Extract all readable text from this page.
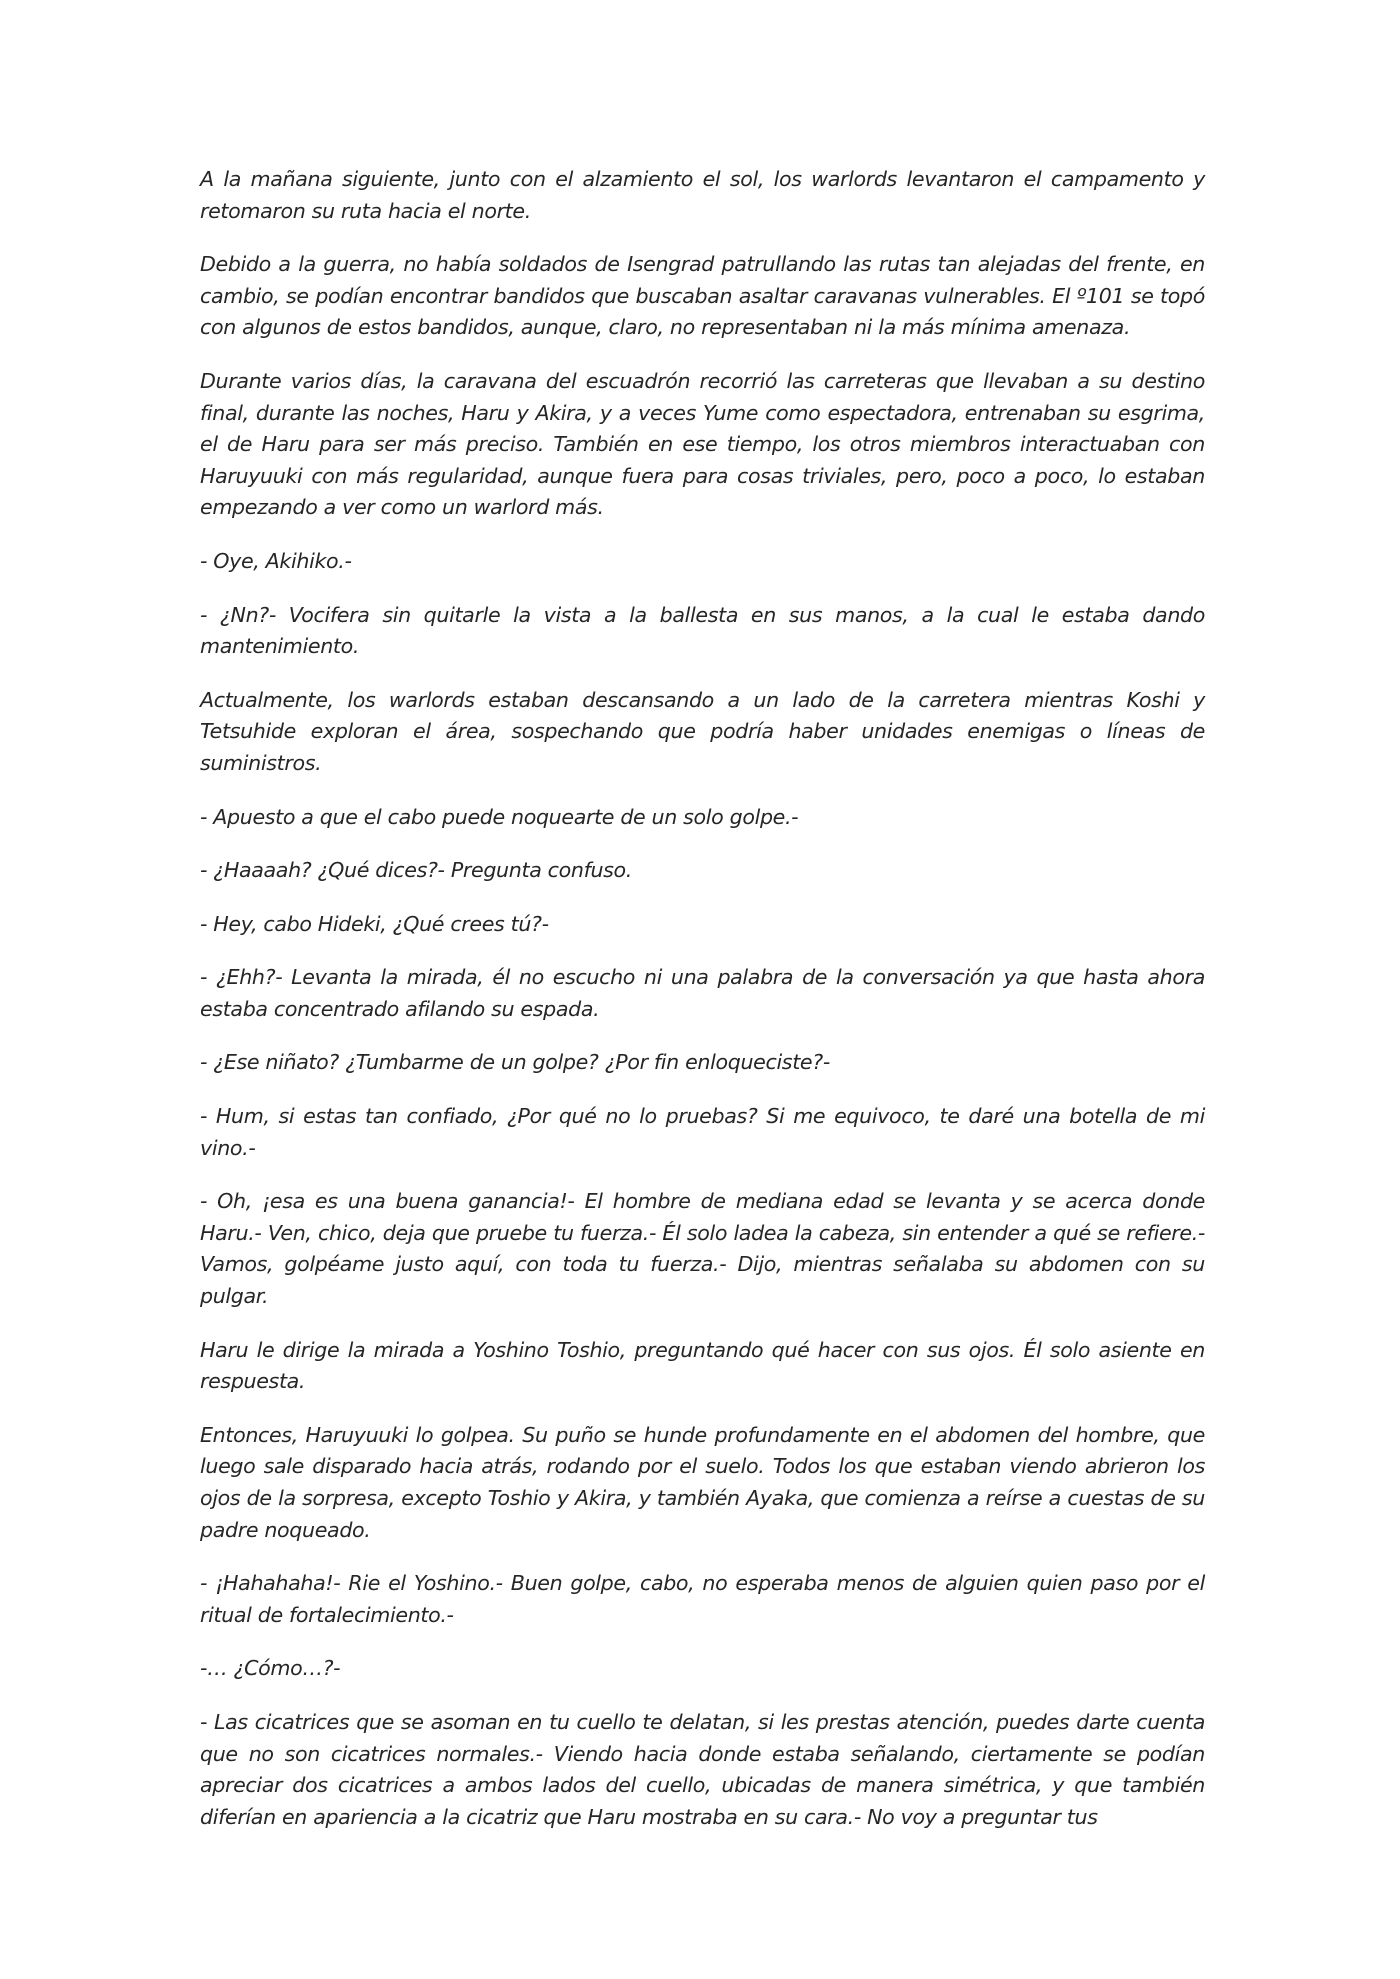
A la mañana siguiente, junto con el alzamiento el sol, los warlords levantaron el campamento y retomaron su ruta hacia el norte.

Debido a la guerra, no había soldados de Isengrad patrullando las rutas tan alejadas del frente, en cambio, se podían encontrar bandidos que buscaban asaltar caravanas vulnerables. El º101 se topó con algunos de estos bandidos, aunque, claro, no representaban ni la más mínima amenaza.

Durante varios días, la caravana del escuadrón recorrió las carreteras que llevaban a su destino final, durante las noches, Haru y Akira, y a veces Yume como espectadora, entrenaban su esgrima, el de Haru para ser más preciso. También en ese tiempo, los otros miembros interactuaban con Haruyuuki con más regularidad, aunque fuera para cosas triviales, pero, poco a poco, lo estaban empezando a ver como un warlord más.

- Oye, Akihiko.-

- ¿Nn?- Vocifera sin quitarle la vista a la ballesta en sus manos, a la cual le estaba dando mantenimiento.

Actualmente, los warlords estaban descansando a un lado de la carretera mientras Koshi y Tetsuhide exploran el área, sospechando que podría haber unidades enemigas o líneas de suministros.

- Apuesto a que el cabo puede noquearte de un solo golpe.-

- ¿Haaaah? ¿Qué dices?- Pregunta confuso.

- Hey, cabo Hideki, ¿Qué crees tú?-

- ¿Ehh?- Levanta la mirada, él no escucho ni una palabra de la conversación ya que hasta ahora estaba concentrado afilando su espada.

- ¿Ese niñato? ¿Tumbarme de un golpe? ¿Por fin enloqueciste?-

- Hum, si estas tan confiado, ¿Por qué no lo pruebas? Si me equivoco, te daré una botella de mi vino.-

- Oh, ¡esa es una buena ganancia!- El hombre de mediana edad se levanta y se acerca donde Haru.- Ven, chico, deja que pruebe tu fuerza.- Él solo ladea la cabeza, sin entender a qué se refiere.- Vamos, golpéame justo aquí, con toda tu fuerza.- Dijo, mientras señalaba su abdomen con su pulgar.

Haru le dirige la mirada a Yoshino Toshio, preguntando qué hacer con sus ojos. Él solo asiente en respuesta.

Entonces, Haruyuuki lo golpea. Su puño se hunde profundamente en el abdomen del hombre, que luego sale disparado hacia atrás, rodando por el suelo. Todos los que estaban viendo abrieron los ojos de la sorpresa, excepto Toshio y Akira, y también Ayaka, que comienza a reírse a cuestas de su padre noqueado.

- ¡Hahahaha!- Rie el Yoshino.- Buen golpe, cabo, no esperaba menos de alguien quien paso por el ritual de fortalecimiento.-

-… ¿Cómo…?-

- Las cicatrices que se asoman en tu cuello te delatan, si les prestas atención, puedes darte cuenta que no son cicatrices normales.- Viendo hacia donde estaba señalando, ciertamente se podían apreciar dos cicatrices a ambos lados del cuello, ubicadas de manera simétrica, y que también diferían en apariencia a la cicatriz que Haru mostraba en su cara.- No voy a preguntar tus
